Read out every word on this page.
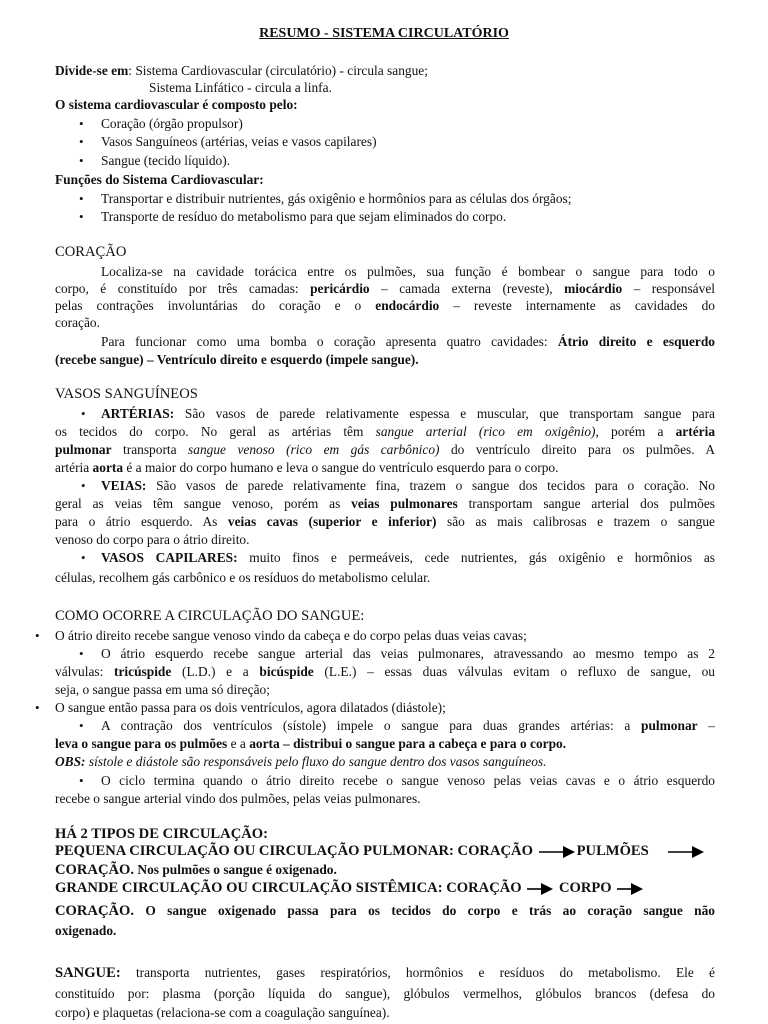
RESUMO - SISTEMA CIRCULATÓRIO
Divide-se em: Sistema Cardiovascular (circulatório) - circula sangue;
Sistema Linfático - circula a linfa.
O sistema cardiovascular é composto pelo:
• Coração (órgão propulsor)
• Vasos Sanguíneos (artérias, veias e vasos capilares)
• Sangue (tecido líquido).
Funções do Sistema Cardiovascular:
• Transportar e distribuir nutrientes, gás oxigênio e hormônios para as células dos órgãos;
• Transporte de resíduo do metabolismo para que sejam eliminados do corpo.
CORAÇÃO
Localiza-se na cavidade torácica entre os pulmões, sua função é bombear o sangue para todo o
corpo, é constituído por três camadas: pericárdio – camada externa (reveste), miocárdio – responsável
pelas contrações involuntárias do coração e o endocárdio – reveste internamente as cavidades do
coração.
Para funcionar como uma bomba o coração apresenta quatro cavidades: Átrio direito e esquerdo
(recebe sangue) – Ventrículo direito e esquerdo (impele sangue).
VASOS SANGUÍNEOS
• ARTÉRIAS: São vasos de parede relativamente espessa e muscular, que transportam sangue para
os tecidos do corpo. No geral as artérias têm sangue arterial (rico em oxigênio), porém a artéria
pulmonar transporta sangue venoso (rico em gás carbônico) do ventrículo direito para os pulmões. A
artéria aorta é a maior do corpo humano e leva o sangue do ventrículo esquerdo para o corpo.
• VEIAS: São vasos de parede relativamente fina, trazem o sangue dos tecidos para o coração. No
geral as veias têm sangue venoso, porém as veias pulmonares transportam sangue arterial dos pulmões
para o átrio esquerdo. As veias cavas (superior e inferior) são as mais calibrosas e trazem o sangue
venoso do corpo para o átrio direito.
• VASOS CAPILARES: muito finos e permeáveis, cede nutrientes, gás oxigênio e hormônios as
células, recolhem gás carbônico e os resíduos do metabolismo celular.
COMO OCORRE A CIRCULAÇÃO DO SANGUE:
• O átrio direito recebe sangue venoso vindo da cabeça e do corpo pelas duas veias cavas;
• O átrio esquerdo recebe sangue arterial das veias pulmonares, atravessando ao mesmo tempo as 2
válvulas: tricúspide (L.D.) e a bicúspide (L.E.) – essas duas válvulas evitam o refluxo de sangue, ou
seja, o sangue passa em uma só direção;
• O sangue então passa para os dois ventrículos, agora dilatados (diástole);
• A contração dos ventrículos (sístole) impele o sangue para duas grandes artérias: a pulmonar –
leva o sangue para os pulmões e a aorta – distribui o sangue para a cabeça e para o corpo.
OBS: sístole e diástole são responsáveis pelo fluxo do sangue dentro dos vasos sanguíneos.
• O ciclo termina quando o átrio direito recebe o sangue venoso pelas veias cavas e o átrio esquerdo
recebe o sangue arterial vindo dos pulmões, pelas veias pulmonares.
HÁ 2 TIPOS DE CIRCULAÇÃO:
PEQUENA CIRCULAÇÃO OU CIRCULAÇÃO PULMONAR: CORAÇÃO	PULMÕES
CORAÇÃO. Nos pulmões o sangue é oxigenado.
GRANDE CIRCULAÇÃO OU CIRCULAÇÃO SISTÊMICA: CORAÇÃO	CORPO
CORAÇÃO. O sangue oxigenado passa para os tecidos do corpo e trás ao coração sangue não
oxigenado.
SANGUE: transporta nutrientes, gases respiratórios, hormônios e resíduos do metabolismo. Ele é
constituído por: plasma (porção líquida do sangue), glóbulos vermelhos, glóbulos brancos (defesa do
corpo) e plaquetas (relaciona-se com a coagulação sanguínea).
